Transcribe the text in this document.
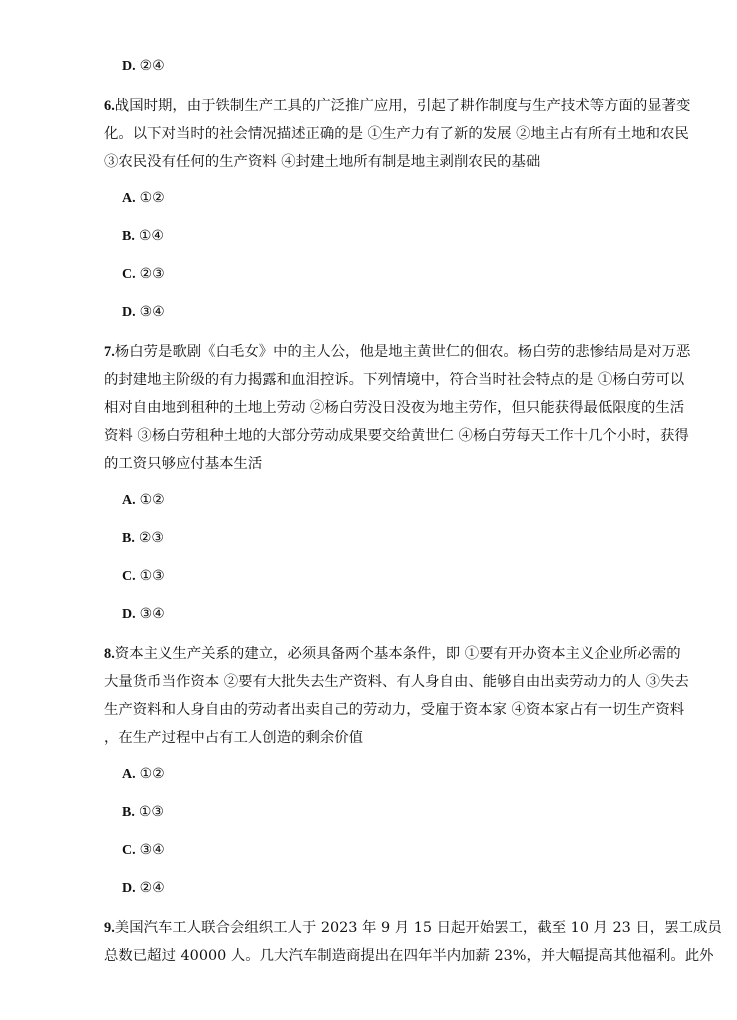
D. ②④
6.战国时期，由于铁制生产工具的广泛推广应用，引起了耕作制度与生产技术等方面的显著变
化。以下对当时的社会情况描述正确的是 ①生产力有了新的发展 ②地主占有所有土地和农民
③农民没有任何的生产资料 ④封建土地所有制是地主剥削农民的基础
A. ①②
B. ①④
C. ②③
D. ③④
7.杨白劳是歌剧《白毛女》中的主人公，他是地主黄世仁的佃农。杨白劳的悲惨结局是对万恶
的封建地主阶级的有力揭露和血泪控诉。下列情境中，符合当时社会特点的是 ①杨白劳可以
相对自由地到租种的土地上劳动 ②杨白劳没日没夜为地主劳作，但只能获得最低限度的生活
资料 ③杨白劳租种土地的大部分劳动成果要交给黄世仁 ④杨白劳每天工作十几个小时，获得
的工资只够应付基本生活
A. ①②
B. ②③
C. ①③
D. ③④
8.资本主义生产关系的建立，必须具备两个基本条件，即 ①要有开办资本主义企业所必需的
大量货币当作资本 ②要有大批失去生产资料、有人身自由、能够自由出卖劳动力的人 ③失去
生产资料和人身自由的劳动者出卖自己的劳动力，受雇于资本家 ④资本家占有一切生产资料
，在生产过程中占有工人创造的剩余价值
A. ①②
B. ①③
C. ③④
D. ②④
9.美国汽车工人联合会组织工人于 2023 年 9 月 15 日起开始罢工，截至 10 月 23 日，罢工成员
总数已超过 40000 人。几大汽车制造商提出在四年半内加薪 23%，并大幅提高其他福利。此外
